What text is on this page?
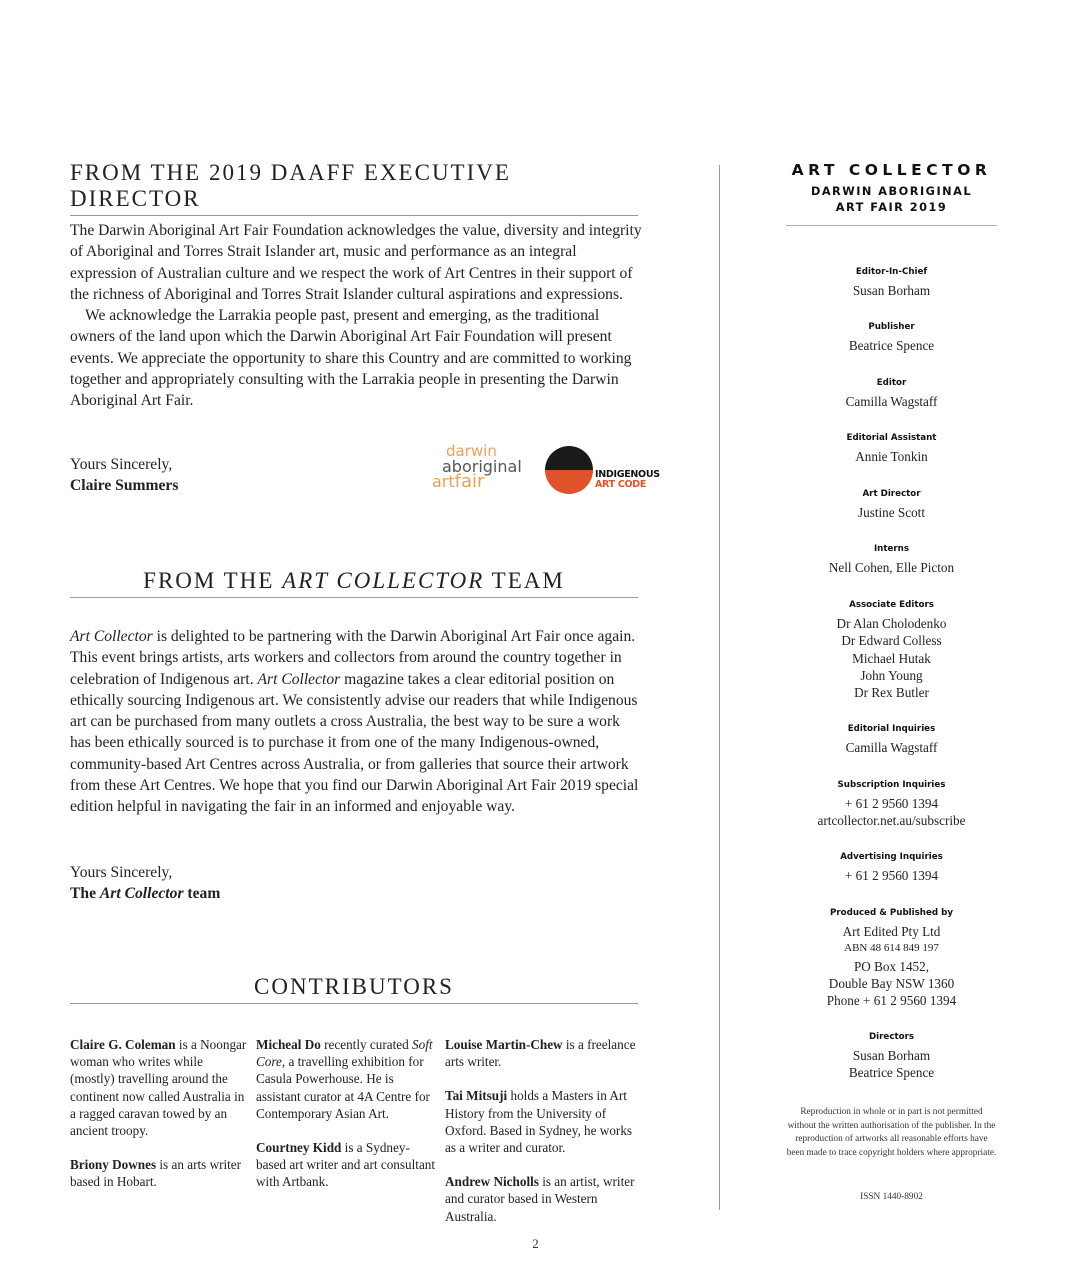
FROM THE 2019 DAAFF EXECUTIVE DIRECTOR

The Darwin Aboriginal Art Fair Foundation acknowledges the value, diversity and integrity of Aboriginal and Torres Strait Islander art, music and performance as an integral expression of Australian culture and we respect the work of Art Centres in their support of the richness of Aboriginal and Torres Strait Islander cultural aspirations and expressions.

We acknowledge the Larrakia people past, present and emerging, as the traditional owners of the land upon which the Darwin Aboriginal Art Fair Foundation will present events. We appreciate the opportunity to share this Country and are committed to working together and appropriately consulting with the Larrakia people in presenting the Darwin Aboriginal Art Fair.

Yours Sincerely,

Claire Summers

darwin
aboriginal
artfair	INDIGENOUS
ART CODE
FROM THE ART COLLECTOR TEAM

Art Collector is delighted to be partnering with the Darwin Aboriginal Art Fair once again. This event brings artists, arts workers and collectors from around the country together in celebration of Indigenous art. Art Collector magazine takes a clear editorial position on ethically sourcing Indigenous art. We consistently advise our readers that while Indigenous art can be purchased from many outlets a cross Australia, the best way to be sure a work has been ethically sourced is to purchase it from one of the many Indigenous-owned, community-based Art Centres across Australia, or from galleries that source their artwork from these Art Centres. We hope that you find our Darwin Aboriginal Art Fair 2019 special edition helpful in navigating the fair in an informed and enjoyable way.

Yours Sincerely,

The Art Collector team

CONTRIBUTORS

Claire G. Coleman is a Noongar woman who writes while (mostly) travelling around the continent now called Australia in a ragged caravan towed by an ancient troopy.

Briony Downes is an arts writer based in Hobart.

Micheal Do recently curated Soft Core, a travelling exhibition for Casula Powerhouse. He is assistant curator at 4A Centre for Contemporary Asian Art.

Courtney Kidd is a Sydney-based art writer and art consultant with Artbank.

Louise Martin-Chew is a freelance arts writer.

Tai Mitsuji holds a Masters in Art History from the University of Oxford. Based in Sydney, he works as a writer and curator.

Andrew Nicholls is an artist, writer and curator based in Western Australia.

2
ART COLLECTOR
DARWIN ABORIGINAL
ART FAIR 2019
Editor-In-Chief
Susan Borham
Publisher
Beatrice Spence
Editor
Camilla Wagstaff
Editorial Assistant
Annie Tonkin
Art Director
Justine Scott
Interns
Nell Cohen, Elle Picton
Associate Editors
Dr Alan Cholodenko
Dr Edward Colless
Michael Hutak
John Young
Dr Rex Butler
Editorial Inquiries
Camilla Wagstaff
Subscription Inquiries
+ 61 2 9560 1394
artcollector.net.au/subscribe
Advertising Inquiries
+ 61 2 9560 1394
Produced & Published by
Art Edited Pty Ltd
ABN 48 614 849 197
PO Box 1452,
Double Bay NSW 1360
Phone + 61 2 9560 1394
Directors
Susan Borham
Beatrice Spence
Reproduction in whole or in part is not permitted without the written authorisation of the publisher. In the reproduction of artworks all reasonable efforts have been made to trace copyright holders where appropriate.
ISSN 1440-8902
